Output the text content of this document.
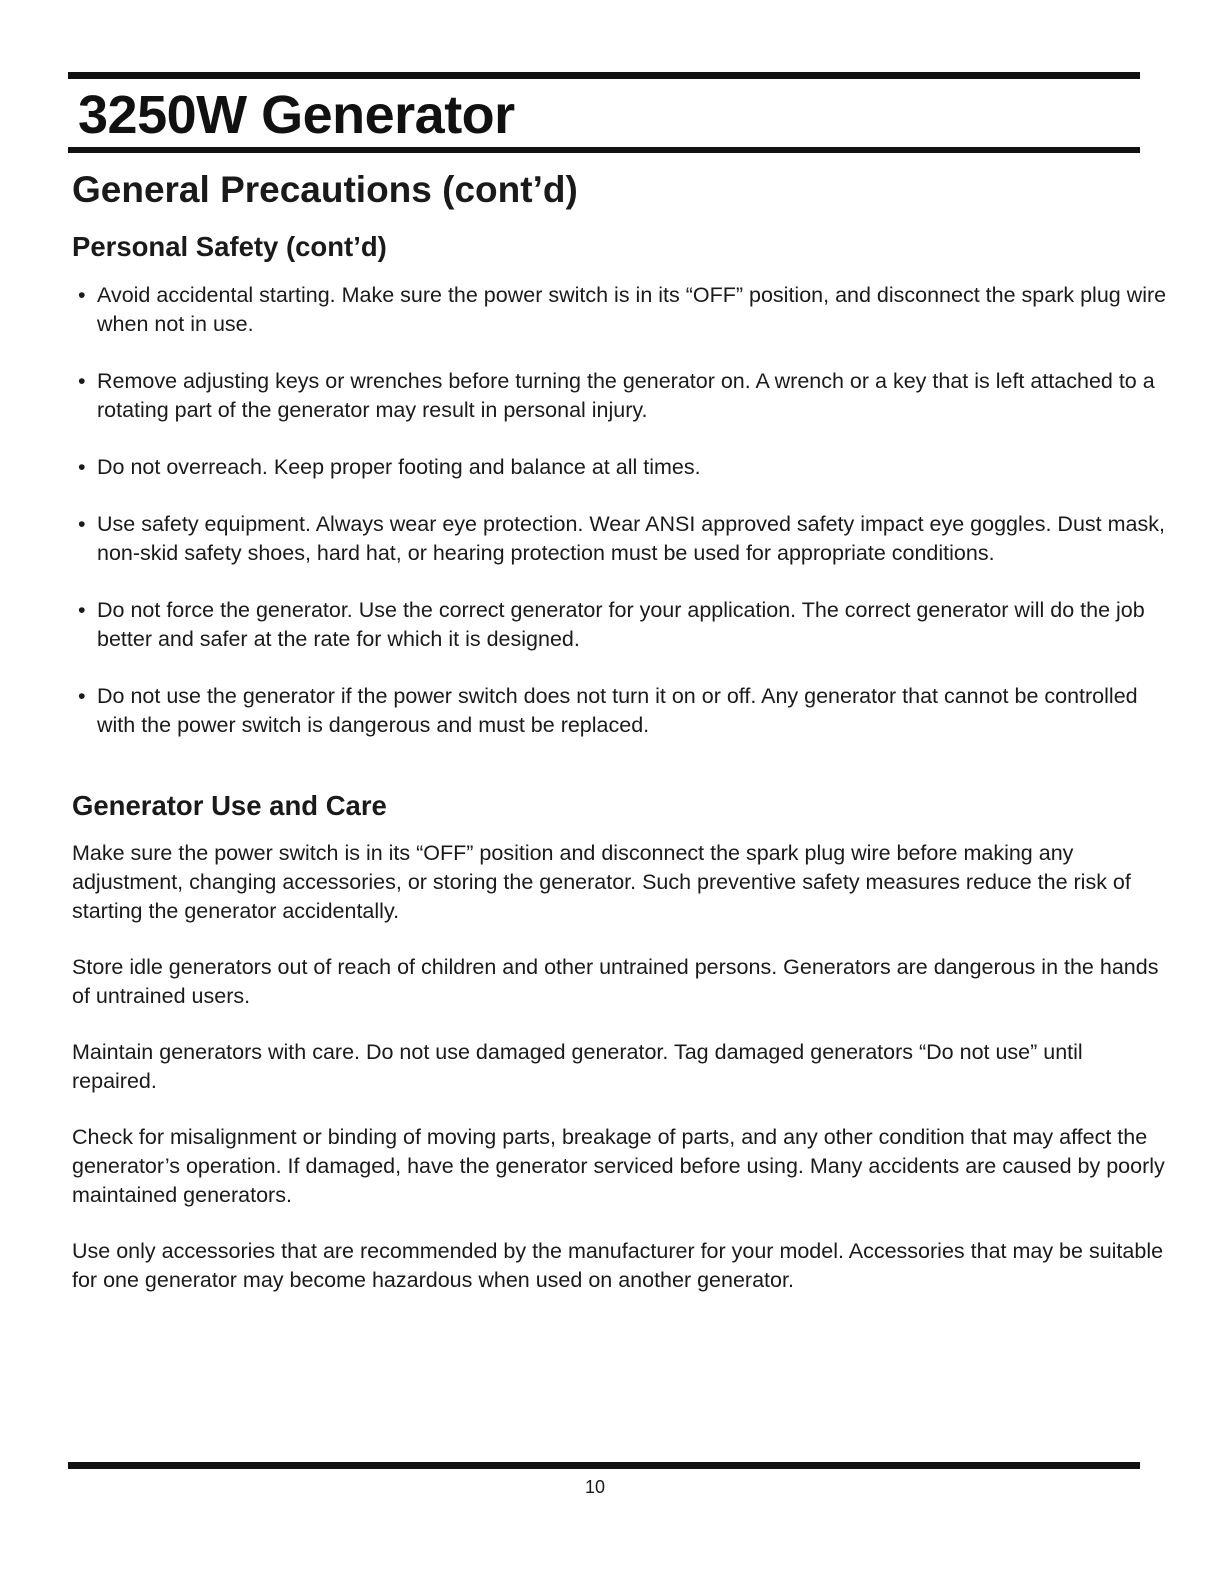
3250W Generator
General Precautions (cont’d)
Personal Safety (cont’d)
• Avoid accidental starting. Make sure the power switch is in its “OFF” position, and disconnect the spark plug wire when not in use.
• Remove adjusting keys or wrenches before turning the generator on. A wrench or a key that is left attached to a rotating part of the generator may result in personal injury.
• Do not overreach. Keep proper footing and balance at all times.
• Use safety equipment. Always wear eye protection. Wear ANSI approved safety impact eye goggles. Dust mask, non-skid safety shoes, hard hat, or hearing protection must be used for appropriate conditions.
• Do not force the generator. Use the correct generator for your application. The correct generator will do the job better and safer at the rate for which it is designed.
• Do not use the generator if the power switch does not turn it on or off. Any generator that cannot be controlled with the power switch is dangerous and must be replaced.
Generator Use and Care

Make sure the power switch is in its “OFF” position and disconnect the spark plug wire before making any adjustment, changing accessories, or storing the generator. Such preventive safety measures reduce the risk of starting the generator accidentally.

Store idle generators out of reach of children and other untrained persons. Generators are dangerous in the hands of untrained users.

Maintain generators with care. Do not use damaged generator. Tag damaged generators “Do not use” until repaired.

Check for misalignment or binding of moving parts, breakage of parts, and any other condition that may affect the generator’s operation. If damaged, have the generator serviced before using. Many accidents are caused by poorly maintained generators.

Use only accessories that are recommended by the manufacturer for your model. Accessories that may be suitable for one generator may become hazardous when used on another generator.

10
